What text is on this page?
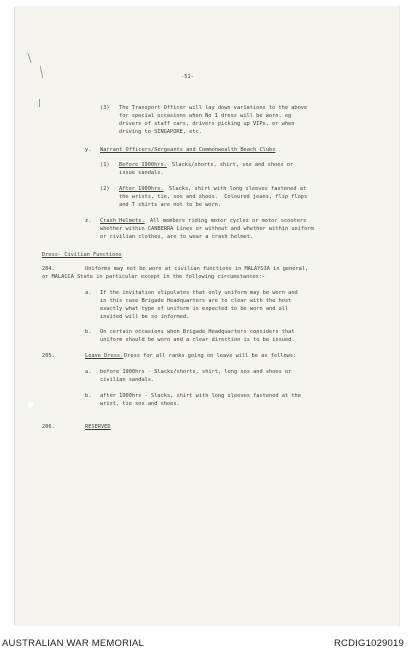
-51-
(3) The Transport Officer will lay down variations to the above
for special occasions when No 1 dress will be worn. eg
drivers of staff cars, drivers picking up VIPs, or when
driving to SINGAPORE, etc.
y. Warrant Officers/Sergeants and Commonwealth Beach Clubs
(1) Before 1900hrs. Slacks/shorts, shirt, sox and shoes or
issue sandals.
(2) After 1900hrs. Slacks, shirt with long sleeves fastened at
the wrists, tie, sox and shoes.  Coloured jeans, flip flops
and T shirts are not to be worn.
z. Crash Helmets. All members riding motor cycles or motor scooters
whether within CANBERRA Lines or without and whether within uniform
or civilian clothes, are to wear a crash helmet.
Dress- Civilian Functions
204.	Uniforms may not be worn at civilian functions in MALAYSIA in general,
or MALACCA State in particular except in the following circumstances:-
a. If the invitation stipulates that only uniform may be worn and
in this case Brigade Headquarters are to clear with the host
exactly what type of uniform is expected to be worn and all
invited will be so informed.
b. On certain occasions when Brigade Headquarters considers that
uniform should be worn and a clear direction is to be issued.
205.	Leave Dress. Dress for all ranks going on leave will be as follows:
a. before 1900hrs - Slacks/shorts, shirt, long sox and shoes or
civilian sandals.
b. after 1900hrs - Slacks, shirt with long sleeves fastened at the
wrist, tie sox and shoes.
206.	RESERVED
AUSTRALIAN WAR MEMORIAL	RCDIG1029019
